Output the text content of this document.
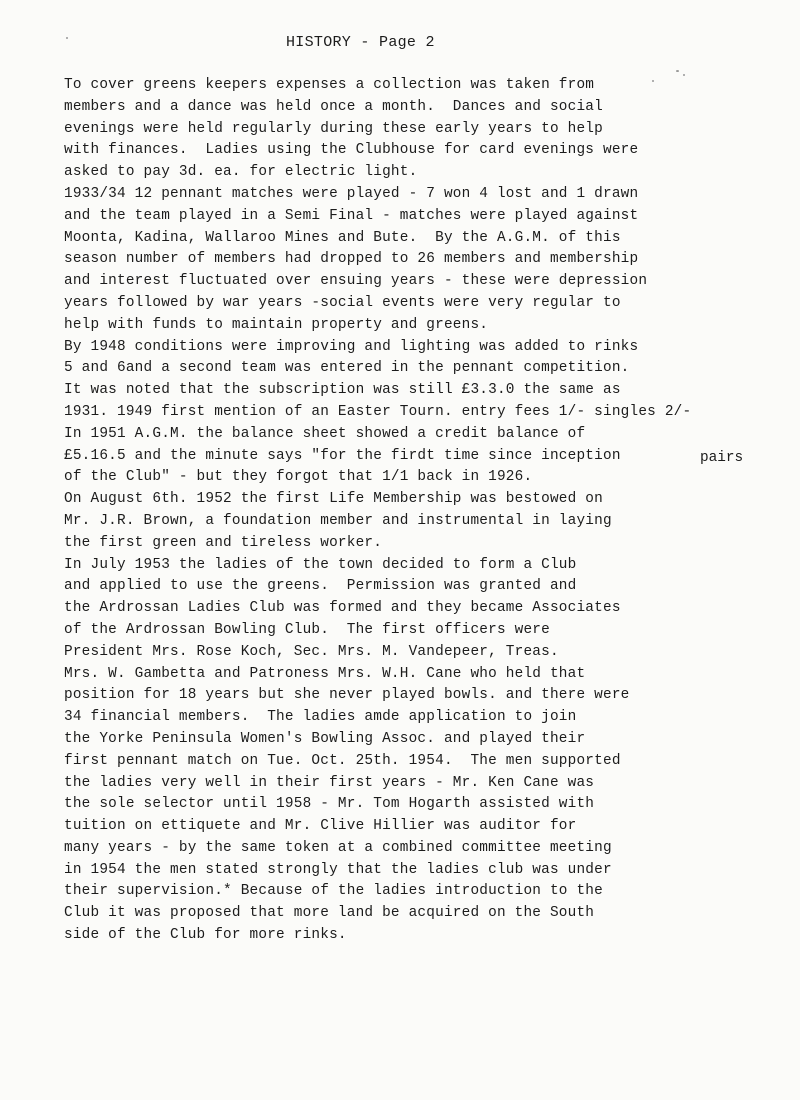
HISTORY - Page 2
To cover greens keepers expenses a collection was taken from
members and a dance was held once a month.  Dances and social
evenings were held regularly during these early years to help
with finances.  Ladies using the Clubhouse for card evenings were
asked to pay 3d. ea. for electric light.
1933/34 12 pennant matches were played - 7 won 4 lost and 1 drawn
and the team played in a Semi Final - matches were played against
Moonta, Kadina, Wallaroo Mines and Bute.  By the A.G.M. of this
season number of members had dropped to 26 members and membership
and interest fluctuated over ensuing years - these were depression
years followed by war years -social events were very regular to
help with funds to maintain property and greens.
By 1948 conditions were improving and lighting was added to rinks
5 and 6and a second team was entered in the pennant competition.
It was noted that the subscription was still £3.3.0 the same as
1931. 1949 first mention of an Easter Tourn. entry fees 1/- singles 2/-
In 1951 A.G.M. the balance sheet showed a credit balance of
£5.16.5 and the minute says "for the firdt time since inception
of the Club" - but they forgot that 1/1 back in 1926.
On August 6th. 1952 the first Life Membership was bestowed on
Mr. J.R. Brown, a foundation member and instrumental in laying
the first green and tireless worker.
In July 1953 the ladies of the town decided to form a Club
and applied to use the greens.  Permission was granted and
the Ardrossan Ladies Club was formed and they became Associates
of the Ardrossan Bowling Club.  The first officers were
President Mrs. Rose Koch, Sec. Mrs. M. Vandepeer, Treas.
Mrs. W. Gambetta and Patroness Mrs. W.H. Cane who held that
position for 18 years but she never played bowls. and there were
34 financial members.  The ladies amde application to join
the Yorke Peninsula Women's Bowling Assoc. and played their
first pennant match on Tue. Oct. 25th. 1954.  The men supported
the ladies very well in their first years - Mr. Ken Cane was
the sole selector until 1958 - Mr. Tom Hogarth assisted with
tuition on ettiquete and Mr. Clive Hillier was auditor for
many years - by the same token at a combined committee meeting
in 1954 the men stated strongly that the ladies club was under
their supervision.* Because of the ladies introduction to the
Club it was proposed that more land be acquired on the South
side of the Club for more rinks.
pairs
